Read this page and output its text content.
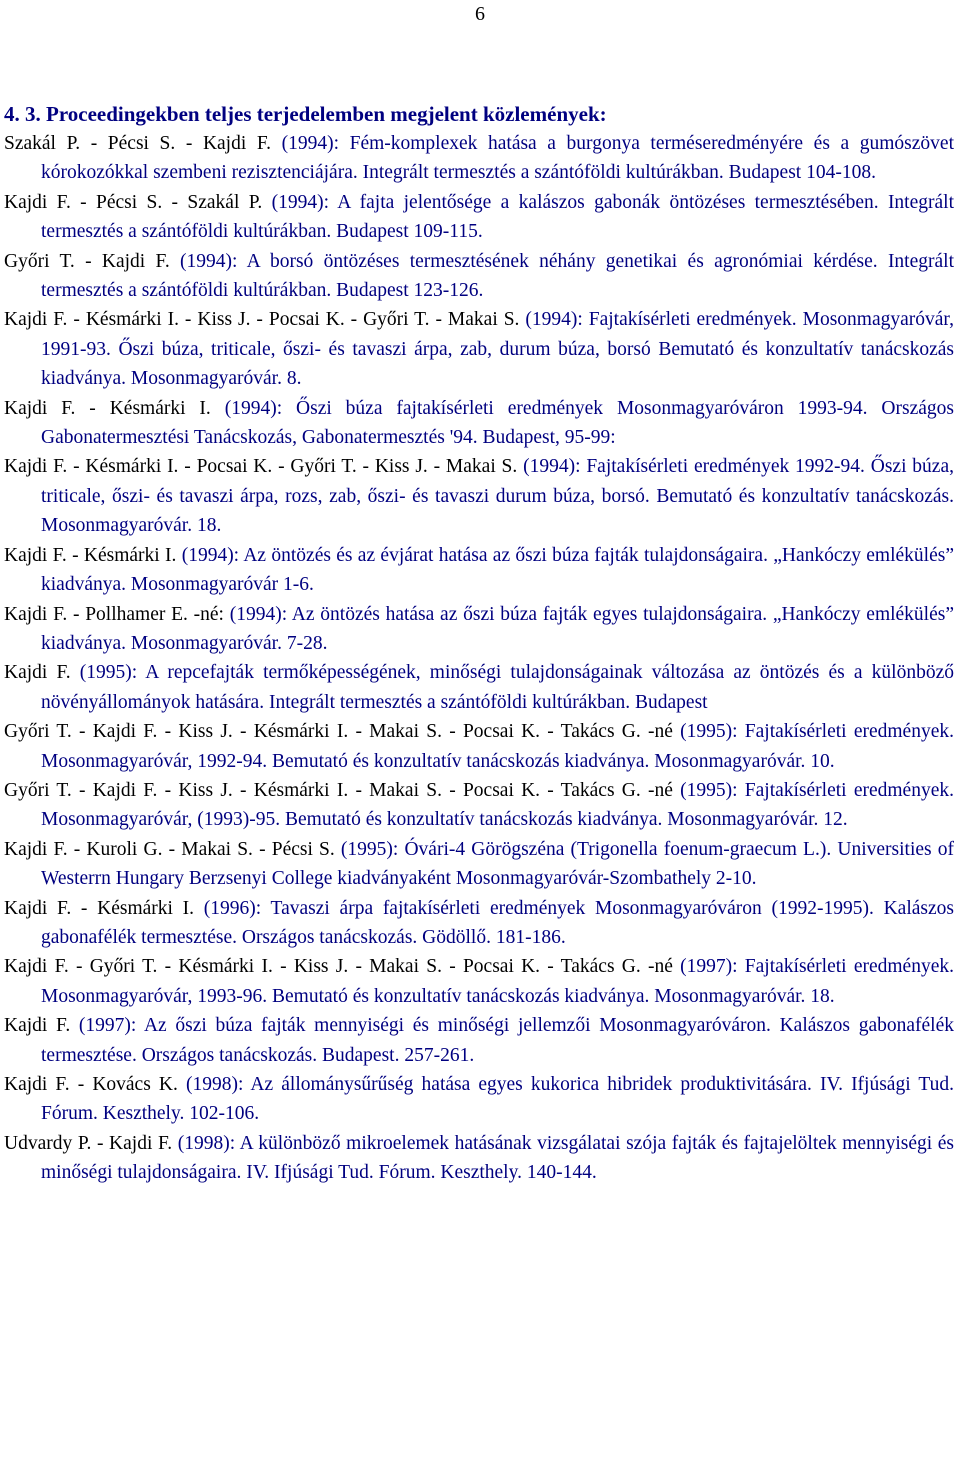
6
4. 3. Proceedingekben teljes terjedelemben megjelent közlemények:
Szakál P. - Pécsi S. - Kajdi F. (1994): Fém-komplexek hatása a burgonya terméseredményére és a gumószövet kórokozókkal szembeni rezisztenciájára. Integrált termesztés a szántóföldi kultúrákban. Budapest 104-108.
Kajdi F. - Pécsi S. - Szakál P. (1994): A fajta jelentősége a kalászos gabonák öntözéses termesztésében. Integrált termesztés a szántóföldi kultúrákban. Budapest 109-115.
Győri T. - Kajdi F. (1994): A borsó öntözéses termesztésének néhány genetikai és agronómiai kérdése. Integrált termesztés a szántóföldi kultúrákban. Budapest 123-126.
Kajdi F. - Késmárki I. - Kiss J. - Pocsai K. - Győri T. - Makai S. (1994): Fajtakísérleti eredmények. Mosonmagyaróvár, 1991-93. Őszi búza, triticale, őszi- és tavaszi árpa, zab, durum búza, borsó Bemutató és konzultatív tanácskozás kiadványa. Mosonmagyaróvár. 8.
Kajdi F. - Késmárki I. (1994): Őszi búza fajtakísérleti eredmények Mosonmagyaróváron 1993-94. Országos Gabonatermesztési Tanácskozás, Gabonatermesztés '94. Budapest, 95-99:
Kajdi F. - Késmárki I. - Pocsai K. - Győri T. - Kiss J. - Makai S. (1994): Fajtakísérleti eredmények 1992-94. Őszi búza, triticale, őszi- és tavaszi árpa, rozs, zab, őszi- és tavaszi durum búza, borsó. Bemutató és konzultatív tanácskozás. Mosonmagyaróvár. 18.
Kajdi F. - Késmárki I. (1994): Az öntözés és az évjárat hatása az őszi búza fajták tulajdonságaira. „Hankóczy emlékülés” kiadványa. Mosonmagyaróvár 1-6.
Kajdi F. - Pollhamer E. -né: (1994): Az öntözés hatása az őszi búza fajták egyes tulajdonságaira. „Hankóczy emlékülés” kiadványa. Mosonmagyaróvár. 7-28.
Kajdi F. (1995): A repcefajták termőképességének, minőségi tulajdonságainak változása az öntözés és a különböző növényállományok hatására. Integrált termesztés a szántóföldi kultúrákban. Budapest
Győri T. - Kajdi F. - Kiss J. - Késmárki I. - Makai S. - Pocsai K. - Takács G. -né (1995): Fajtakísérleti eredmények. Mosonmagyaróvár, 1992-94. Bemutató és konzultatív tanácskozás kiadványa. Mosonmagyaróvár. 10.
Győri T. - Kajdi F. - Kiss J. - Késmárki I. - Makai S. - Pocsai K. - Takács G. -né (1995): Fajtakísérleti eredmények. Mosonmagyaróvár, (1993)-95. Bemutató és konzultatív tanácskozás kiadványa. Mosonmagyaróvár. 12.
Kajdi F. - Kuroli G. - Makai S. - Pécsi S. (1995): Óvári-4 Görögszéna (Trigonella foenum-graecum L.). Universities of Westerrn Hungary Berzsenyi College kiadványaként Mosonmagyaróvár-Szombathely 2-10.
Kajdi F. - Késmárki I. (1996): Tavaszi árpa fajtakísérleti eredmények Mosonmagyaróváron (1992-1995). Kalászos gabonafélék termesztése. Országos tanácskozás. Gödöllő. 181-186.
Kajdi F. - Győri T. - Késmárki I. - Kiss J. - Makai S. - Pocsai K. - Takács G. -né (1997): Fajtakísérleti eredmények. Mosonmagyaróvár, 1993-96. Bemutató és konzultatív tanácskozás kiadványa. Mosonmagyaróvár. 18.
Kajdi F. (1997): Az őszi búza fajták mennyiségi és minőségi jellemzői Mosonmagyaróváron. Kalászos gabonafélék termesztése. Országos tanácskozás. Budapest. 257-261.
Kajdi F. - Kovács K. (1998): Az állománysűrűség hatása egyes kukorica hibridek produktivitására. IV. Ifjúsági Tud. Fórum. Keszthely. 102-106.
Udvardy P. - Kajdi F. (1998): A különböző mikroelemek hatásának vizsgálatai szója fajták és fajtajelöltek mennyiségi és minőségi tulajdonságaira. IV. Ifjúsági Tud. Fórum. Keszthely. 140-144.
